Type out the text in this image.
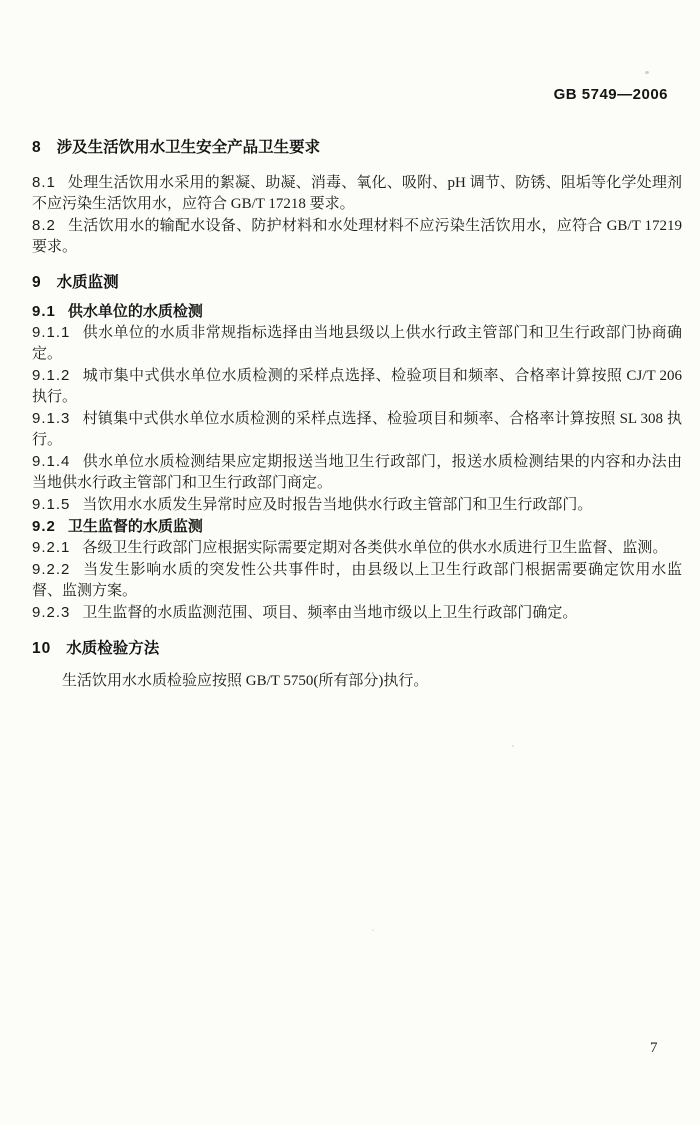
GB 5749—2006
8 涉及生活饮用水卫生安全产品卫生要求

8.1 处理生活饮用水采用的絮凝、助凝、消毒、氧化、吸附、pH 调节、防锈、阻垢等化学处理剂不应污染生活饮用水，应符合 GB/T 17218 要求。

8.2 生活饮用水的输配水设备、防护材料和水处理材料不应污染生活饮用水，应符合 GB/T 17219 要求。

9 水质监测

9.1 供水单位的水质检测

9.1.1 供水单位的水质非常规指标选择由当地县级以上供水行政主管部门和卫生行政部门协商确定。

9.1.2 城市集中式供水单位水质检测的采样点选择、检验项目和频率、合格率计算按照 CJ/T 206 执行。

9.1.3 村镇集中式供水单位水质检测的采样点选择、检验项目和频率、合格率计算按照 SL 308 执行。

9.1.4 供水单位水质检测结果应定期报送当地卫生行政部门，报送水质检测结果的内容和办法由当地供水行政主管部门和卫生行政部门商定。

9.1.5 当饮用水水质发生异常时应及时报告当地供水行政主管部门和卫生行政部门。

9.2 卫生监督的水质监测

9.2.1 各级卫生行政部门应根据实际需要定期对各类供水单位的供水水质进行卫生监督、监测。

9.2.2 当发生影响水质的突发性公共事件时，由县级以上卫生行政部门根据需要确定饮用水监督、监测方案。

9.2.3 卫生监督的水质监测范围、项目、频率由当地市级以上卫生行政部门确定。

10 水质检验方法

生活饮用水水质检验应按照 GB/T 5750(所有部分)执行。

7
